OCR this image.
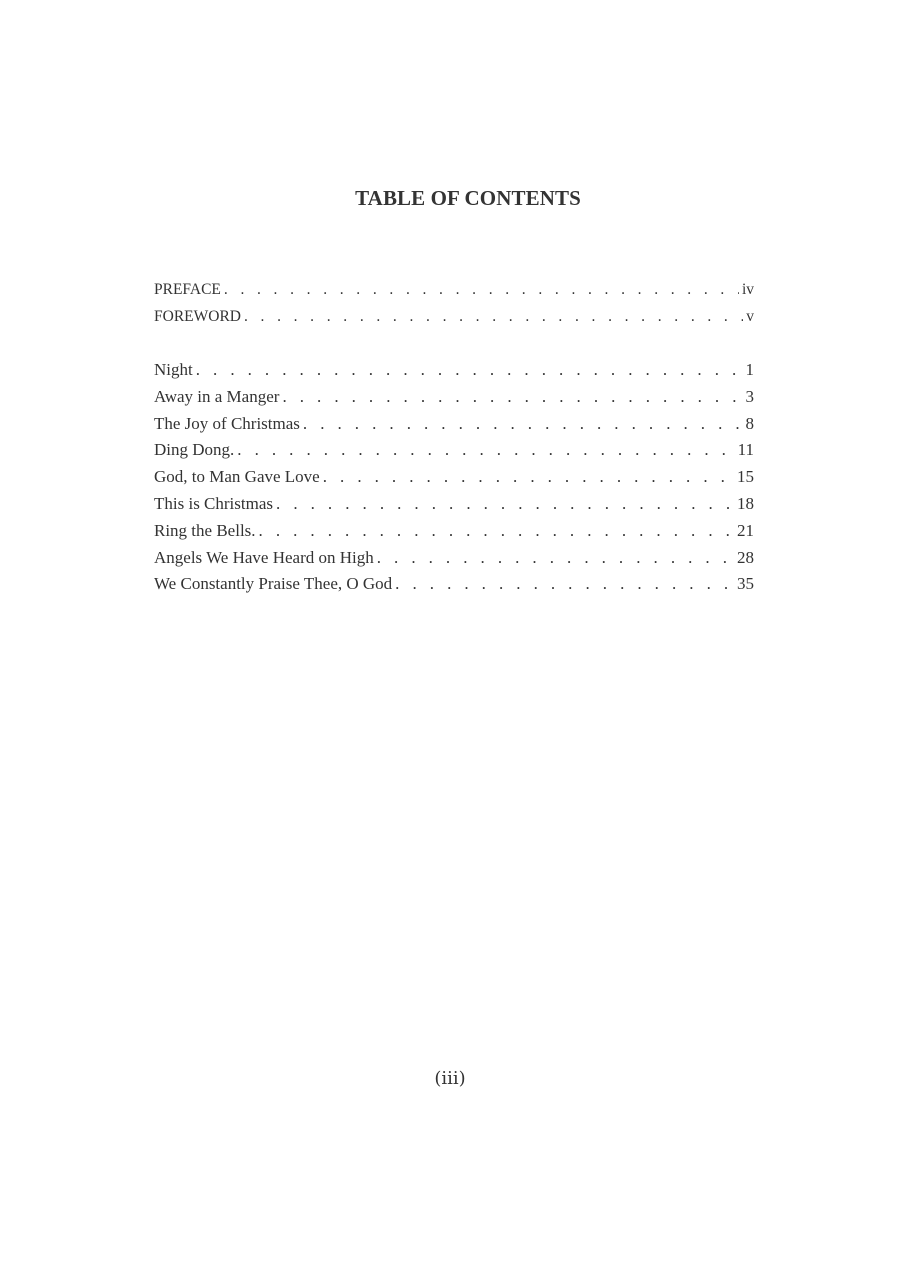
TABLE OF CONTENTS
PREFACE . . .	iv
FOREWORD . . .	v
Night . . .	1
Away in a Manger . . .	3
The Joy of Christmas . . .	8
Ding Dong. . . .	11
God, to Man Gave Love . . .	15
This is Christmas . . .	18
Ring the Bells. . . .	21
Angels We Have Heard on High . . .	28
We Constantly Praise Thee, O God . . .	35
(iii)
